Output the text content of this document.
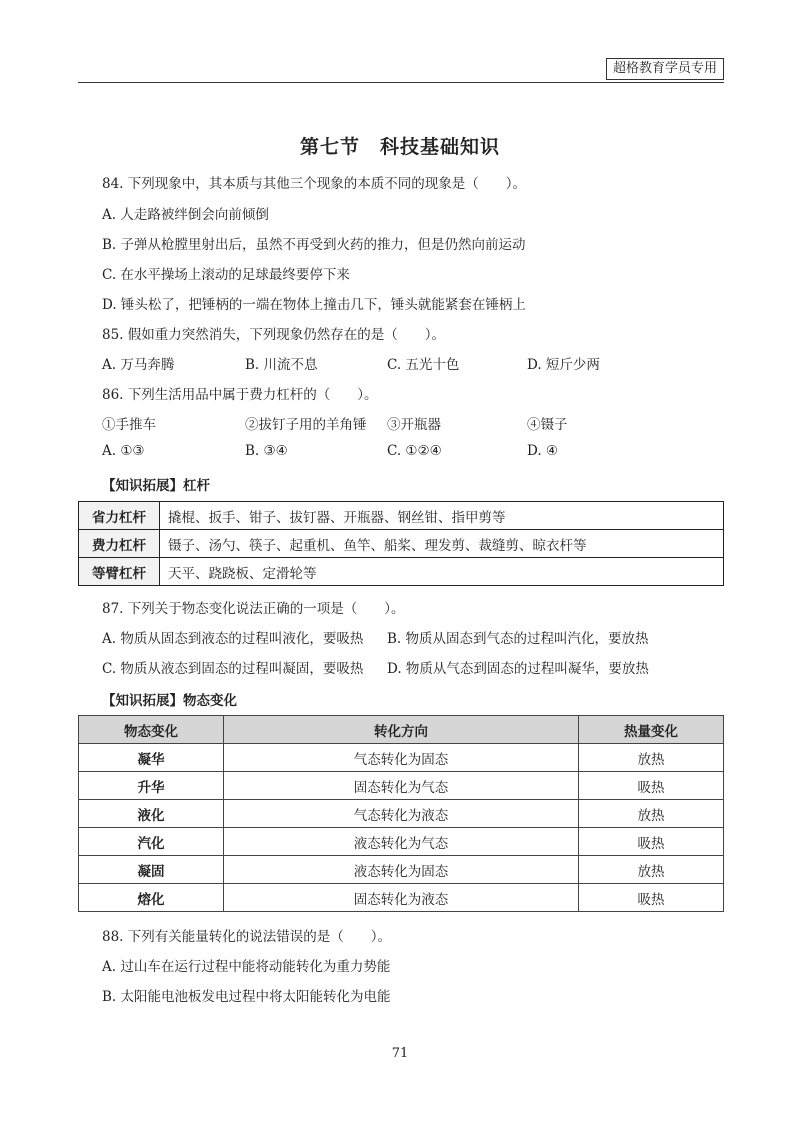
超格教育学员专用
第七节　科技基础知识
84. 下列现象中，其本质与其他三个现象的本质不同的现象是（　　）。
A. 人走路被绊倒会向前倾倒
B. 子弹从枪膛里射出后，虽然不再受到火药的推力，但是仍然向前运动
C. 在水平操场上滚动的足球最终要停下来
D. 锤头松了，把锤柄的一端在物体上撞击几下，锤头就能紧套在锤柄上
85. 假如重力突然消失，下列现象仍然存在的是（　　）。
A. 万马奔腾	B. 川流不息	C. 五光十色	D. 短斤少两
86. 下列生活用品中属于费力杠杆的（　　）。
①手推车	②拔钉子用的羊角锤 ③开瓶器	④镊子
A. ①③	B. ③④	C. ①②④	D. ④
【知识拓展】杠杆
省力杠杆	撬棍、扳手、钳子、拔钉器、开瓶器、钢丝钳、指甲剪等
费力杠杆	镊子、汤勺、筷子、起重机、鱼竿、船桨、理发剪、裁缝剪、晾衣杆等
等臂杠杆	天平、跷跷板、定滑轮等
87. 下列关于物态变化说法正确的一项是（　　）。
A. 物质从固态到液态的过程叫液化，要吸热 B. 物质从固态到气态的过程叫汽化，要放热
C. 物质从液态到固态的过程叫凝固，要吸热 D. 物质从气态到固态的过程叫凝华，要放热
【知识拓展】物态变化
物态变化	转化方向	热量变化
凝华	气态转化为固态	放热
升华	固态转化为气态	吸热
液化	气态转化为液态	放热
汽化	液态转化为气态	吸热
凝固	液态转化为固态	放热
熔化	固态转化为液态	吸热
88. 下列有关能量转化的说法错误的是（　　）。
A. 过山车在运行过程中能将动能转化为重力势能
B. 太阳能电池板发电过程中将太阳能转化为电能
71
